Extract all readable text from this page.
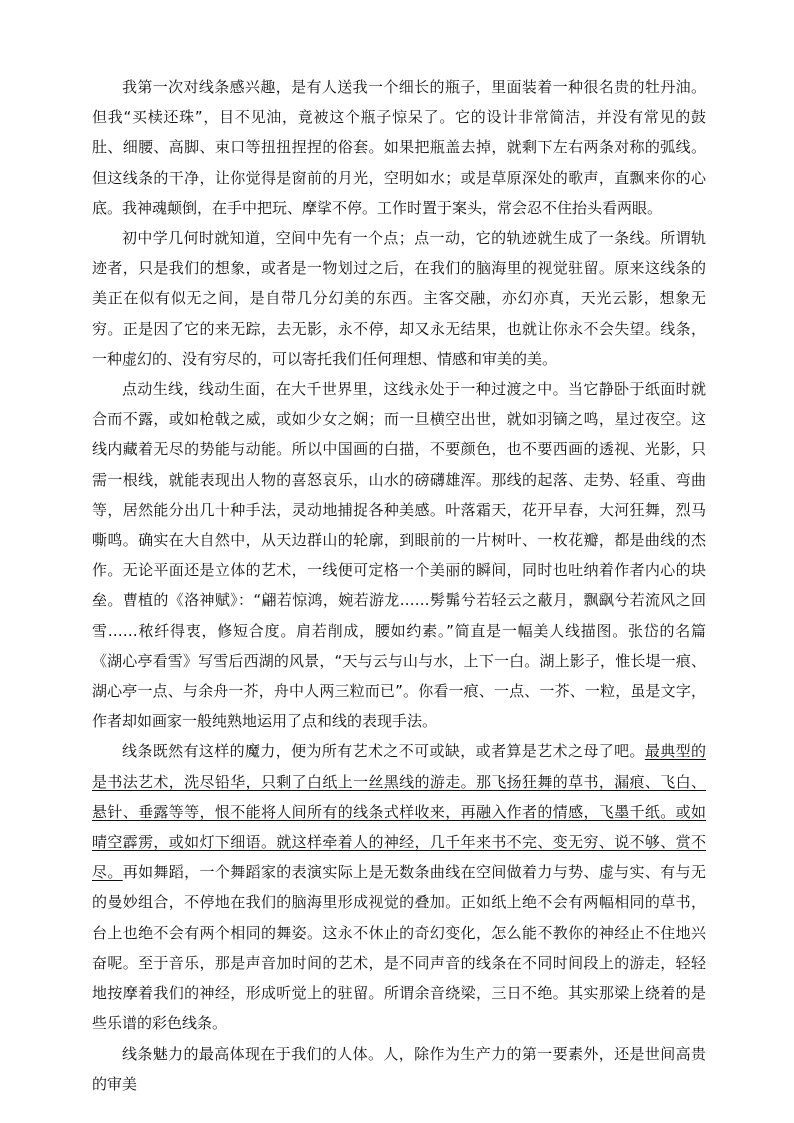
我第一次对线条感兴趣，是有人送我一个细长的瓶子，里面装着一种很名贵的牡丹油。但我“买椟还珠”，目不见油，竟被这个瓶子惊呆了。它的设计非常简洁，并没有常见的鼓肚、细腰、高脚、束口等扭扭捏捏的俗套。如果把瓶盖去掉，就剩下左右两条对称的弧线。但这线条的干净，让你觉得是窗前的月光，空明如水；或是草原深处的歌声，直飘来你的心底。我神魂颠倒，在手中把玩、摩挲不停。工作时置于案头，常会忍不住抬头看两眼。

初中学几何时就知道，空间中先有一个点；点一动，它的轨迹就生成了一条线。所谓轨迹者，只是我们的想象，或者是一物划过之后，在我们的脑海里的视觉驻留。原来这线条的美正在似有似无之间，是自带几分幻美的东西。主客交融，亦幻亦真，天光云影，想象无穷。正是因了它的来无踪，去无影，永不停，却又永无结果，也就让你永不会失望。线条，一种虚幻的、没有穷尽的，可以寄托我们任何理想、情感和审美的美。

点动生线，线动生面，在大千世界里，这线永处于一种过渡之中。当它静卧于纸面时就合而不露，或如枪戟之威，或如少女之娴；而一旦横空出世，就如羽镝之鸣，星过夜空。这线内藏着无尽的势能与动能。所以中国画的白描，不要颜色，也不要西画的透视、光影，只需一根线，就能表现出人物的喜怒哀乐，山水的磅礴雄浑。那线的起落、走势、轻重、弯曲等，居然能分出几十种手法，灵动地捕捉各种美感。叶落霜天，花开早春，大河狂舞，烈马嘶鸣。确实在大自然中，从天边群山的轮廓，到眼前的一片树叶、一枚花瓣，都是曲线的杰作。无论平面还是立体的艺术，一线便可定格一个美丽的瞬间，同时也吐纳着作者内心的块垒。曹植的《洛神赋》：“翩若惊鸿，婉若游龙……髣髴兮若轻云之蔽月，飘飖兮若流风之回雪……秾纤得衷，修短合度。肩若削成，腰如约素。”简直是一幅美人线描图。张岱的名篇《湖心亭看雪》写雪后西湖的风景，“天与云与山与水，上下一白。湖上影子，惟长堤一痕、湖心亭一点、与余舟一芥，舟中人两三粒而已”。你看一痕、一点、一芥、一粒，虽是文字，作者却如画家一般纯熟地运用了点和线的表现手法。

线条既然有这样的魔力，便为所有艺术之不可或缺，或者算是艺术之母了吧。最典型的是书法艺术，洗尽铅华，只剩了白纸上一丝黑线的游走。那飞扬狂舞的草书，漏痕、飞白、悬针、垂露等等，恨不能将人间所有的线条式样收来，再融入作者的情感，飞墨千纸。或如晴空霹雳，或如灯下细语。就这样牵着人的神经，几千年来书不完、变无穷、说不够、赏不尽。再如舞蹈，一个舞蹈家的表演实际上是无数条曲线在空间做着力与势、虚与实、有与无的曼妙组合，不停地在我们的脑海里形成视觉的叠加。正如纸上绝不会有两幅相同的草书，台上也绝不会有两个相同的舞姿。这永不休止的奇幻变化，怎么能不教你的神经止不住地兴奋呢。至于音乐，那是声音加时间的艺术，是不同声音的线条在不同时间段上的游走，轻轻地按摩着我们的神经，形成听觉上的驻留。所谓余音绕梁，三日不绝。其实那梁上绕着的是些乐谱的彩色线条。

线条魅力的最高体现在于我们的人体。人，除作为生产力的第一要素外，还是世间高贵的审美
